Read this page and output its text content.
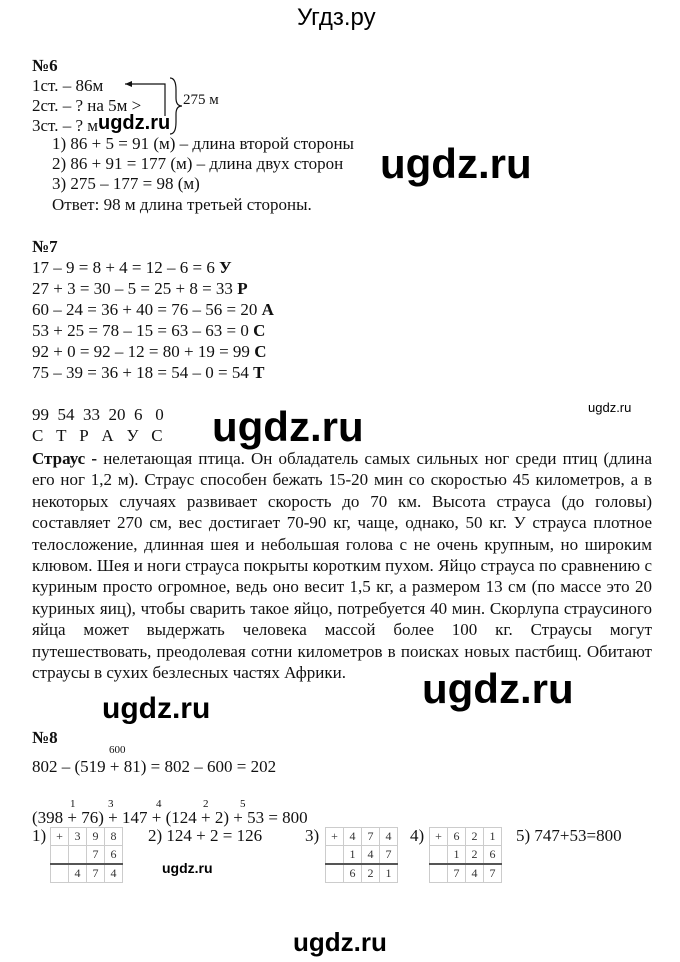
Угдз.ру
№6
1ст. – 86м
2ст. – ? на 5м >
3ст. – ? м
275 м
1) 86 + 5 = 91 (м) – длина второй стороны
2) 86 + 91 = 177 (м) – длина двух сторон
3) 275 – 177 = 98 (м)
Ответ: 98 м длина третьей стороны.
№7
17 – 9 = 8 + 4 = 12 – 6 = 6 У
27 + 3 = 30 – 5 = 25 + 8 = 33 Р
60 – 24 = 36 + 40 = 76 – 56 = 20 А
53 + 25 = 78 – 15 = 63 – 63 = 0 С
92 + 0 = 92 – 12 = 80 + 19 = 99 С
75 – 39 = 36 + 18 = 54 – 0 = 54 Т
99  54  33  20  6   0
С   Т   Р   А   У   С
Страус - нелетающая птица. Он обладатель самых сильных ног среди птиц (длина его ног 1,2 м). Страус способен бежать 15-20 мин со скоростью 45 километров, а в некоторых случаях развивает скорость до 70 км. Высота страуса (до головы) составляет 270 см, вес достигает 70-90 кг, чаще, однако, 50 кг. У страуса плотное телосложение, длинная шея и небольшая голова с не очень крупным, но широким клювом. Шея и ноги страуса покрыты коротким пухом. Яйцо страуса по сравнению с куриным просто огромное, ведь оно весит 1,5 кг, а размером 13 см (по массе это 20 куриных яиц), чтобы сварить такое яйцо, потребуется 40 мин. Скорлупа страусиного яйца может выдержать человека массой более 100 кг. Страусы могут путешествовать, преодолевая сотни километров в поисках новых пастбищ. Обитают страусы в сухих безлесных частях Африки.
№8
600
802 – (519 + 81) = 802 – 600 = 202
1	3	4	2	5
(398 + 76) + 147 + (124 + 2) + 53 = 800
1)	2) 124 + 2 = 126	3)	4)	5) 747+53=800
+	3	9	8
		7	6
	4	7	4
+	4	7	4
	1	4	7
	6	2	1
+	6	2	1
	1	2	6
	7	4	7
ugdz.ru
ugdz.ru
ugdz.ru	ugdz.ru
ugdz.ru
ugdz.ru
ugdz.ru
ugdz.ru
